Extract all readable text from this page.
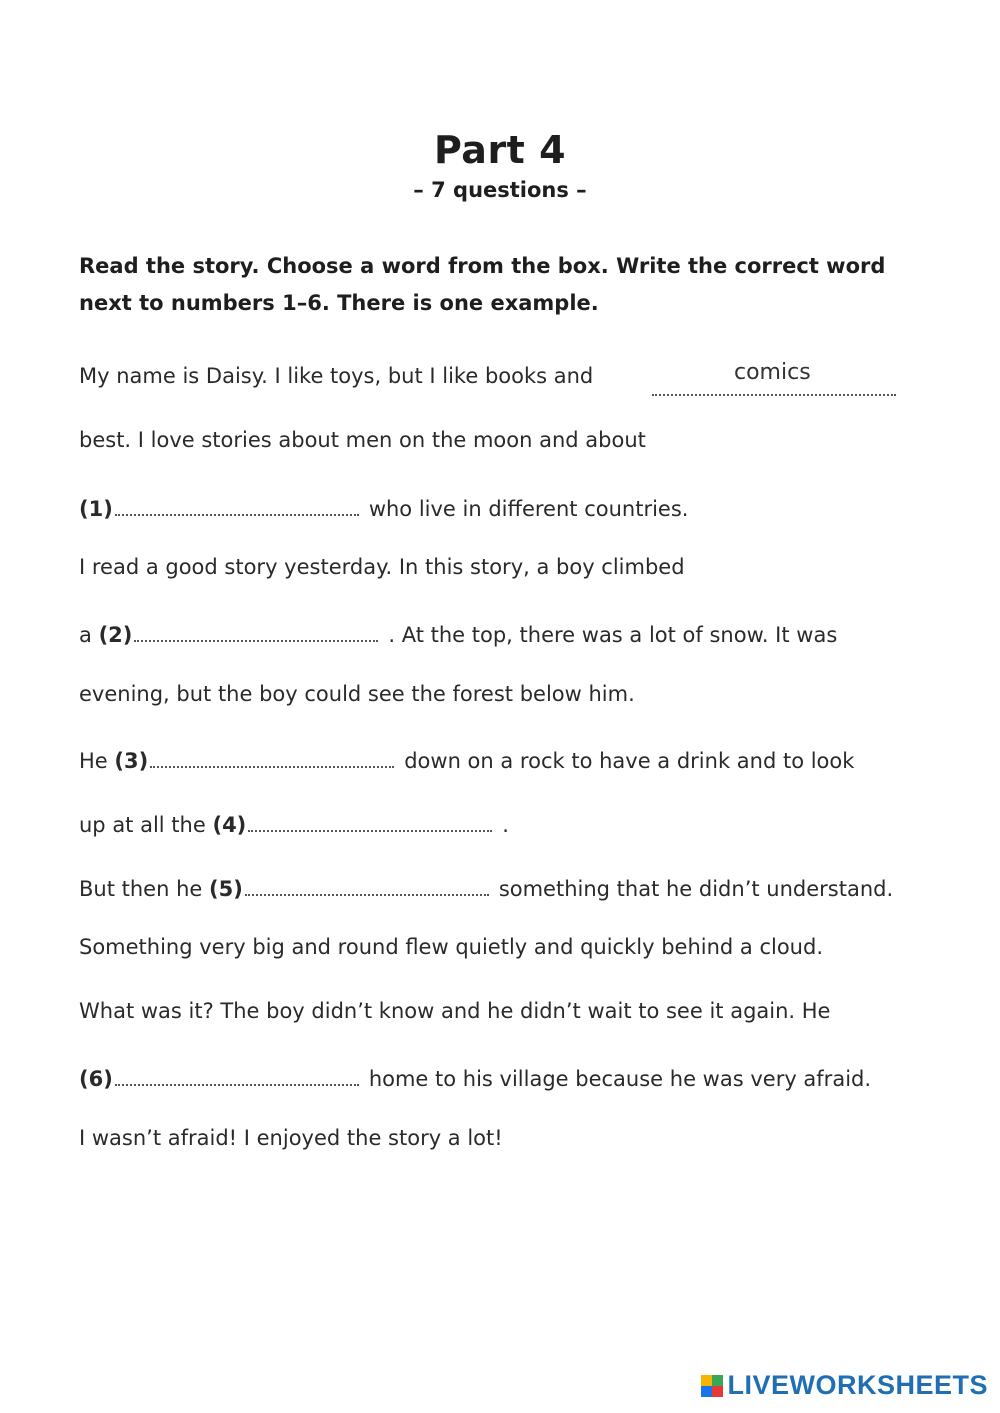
Part 4
– 7 questions –
Read the story. Choose a word from the box. Write the correct word next to numbers 1–6. There is one example.
My name is Daisy. I like toys, but I like books and	comics
best. I love stories about men on the moon and about
(1)	who live in different countries.
I read a good story yesterday. In this story, a boy climbed
a (2)	. At the top, there was a lot of snow. It was
evening, but the boy could see the forest below him.
He (3)	down on a rock to have a drink and to look
up at all the (4)	.
But then he (5)	something that he didn’t understand.
Something very big and round flew quietly and quickly behind a cloud.
What was it? The boy didn’t know and he didn’t wait to see it again. He
(6)	home to his village because he was very afraid.
I wasn’t afraid! I enjoyed the story a lot!
LIVEWORKSHEETS
